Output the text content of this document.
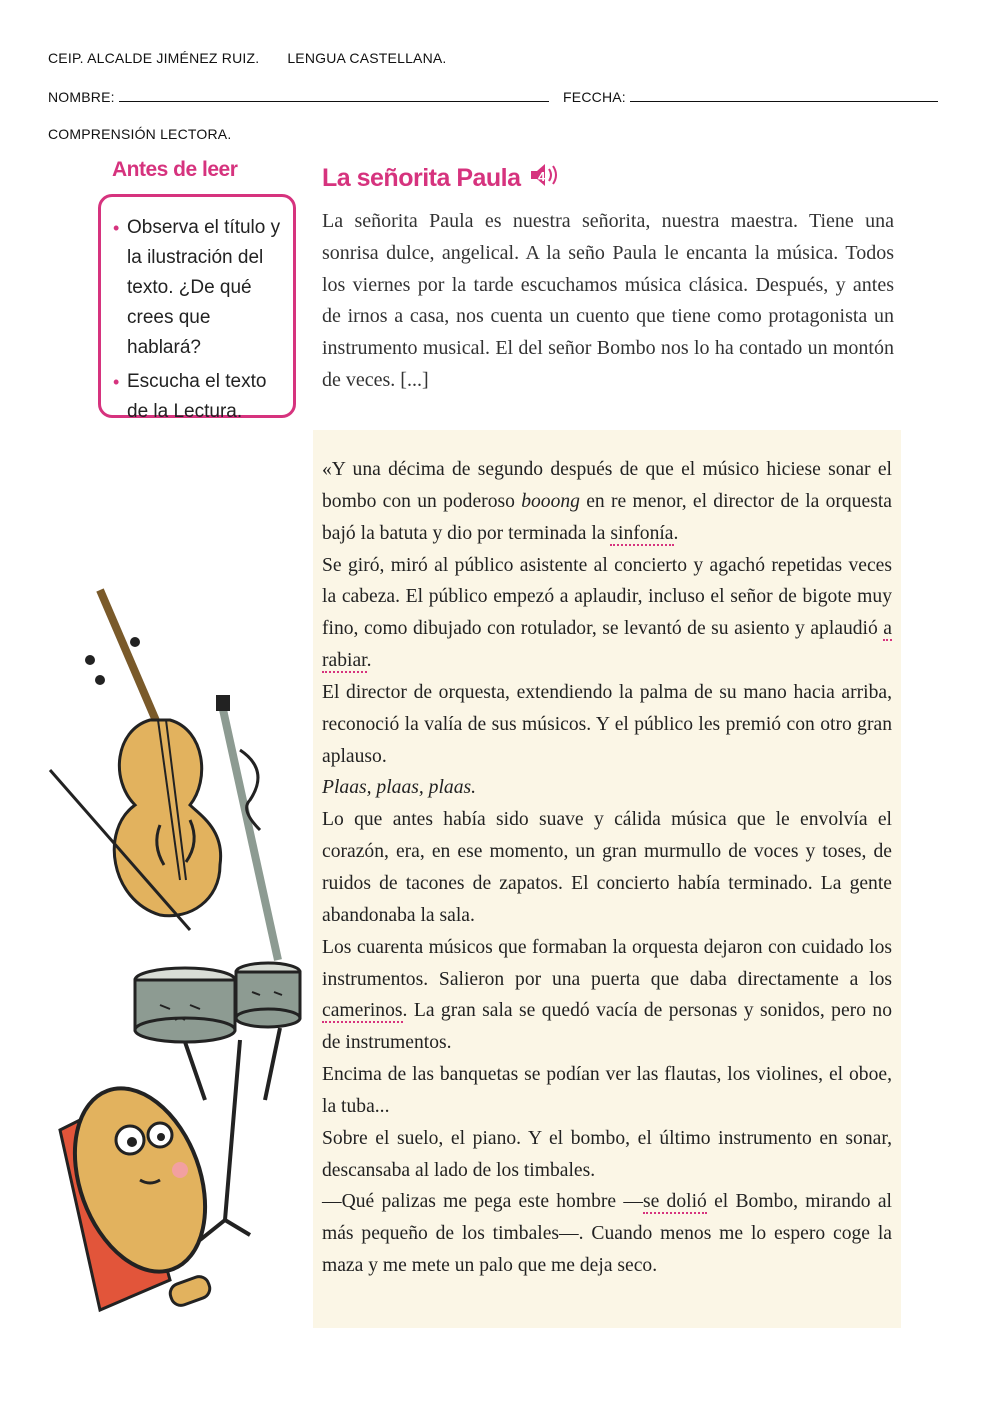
CEIP. ALCALDE JIMÉNEZ RUIZ. LENGUA CASTELLANA.
NOMBRE:	FECCHA:
COMPRENSIÓN LECTORA.
Antes de leer
• Observa el título y la ilustración del texto. ¿De qué crees que hablará?
• Escucha el texto de la Lectura.
La señorita Paula 4
La señorita Paula es nuestra señorita, nuestra maestra. Tiene una sonrisa dulce, angelical. A la seño Paula le encanta la música. Todos los viernes por la tarde escuchamos música clásica. Después, y antes de irnos a casa, nos cuenta un cuento que tiene como protagonista un instrumento musical. El del señor Bombo nos lo ha contado un montón de veces. [...]

«Y una décima de segundo después de que el músico hiciese sonar el bombo con un poderoso booong en re menor, el director de la orquesta bajó la batuta y dio por terminada la sinfonía.

Se giró, miró al público asistente al concierto y agachó repetidas veces la cabeza. El público empezó a aplaudir, incluso el señor de bigote muy fino, como dibujado con rotulador, se levantó de su asiento y aplaudió a rabiar.

El director de orquesta, extendiendo la palma de su mano hacia arriba, reconoció la valía de sus músicos. Y el público les premió con otro gran aplauso.

Plaas, plaas, plaas.

Lo que antes había sido suave y cálida música que le envolvía el corazón, era, en ese momento, un gran murmullo de voces y toses, de ruidos de tacones de zapatos. El concierto había terminado. La gente abandonaba la sala.

Los cuarenta músicos que formaban la orquesta dejaron con cuidado los instrumentos. Salieron por una puerta que daba directamente a los camerinos. La gran sala se quedó vacía de personas y sonidos, pero no de instrumentos.

Encima de las banquetas se podían ver las flautas, los violines, el oboe, la tuba...

Sobre el suelo, el piano. Y el bombo, el último instrumento en sonar, descansaba al lado de los timbales.

—Qué palizas me pega este hombre —se dolió el Bombo, mirando al más pequeño de los timbales—. Cuando menos me lo espero coge la maza y me mete un palo que me deja seco.
